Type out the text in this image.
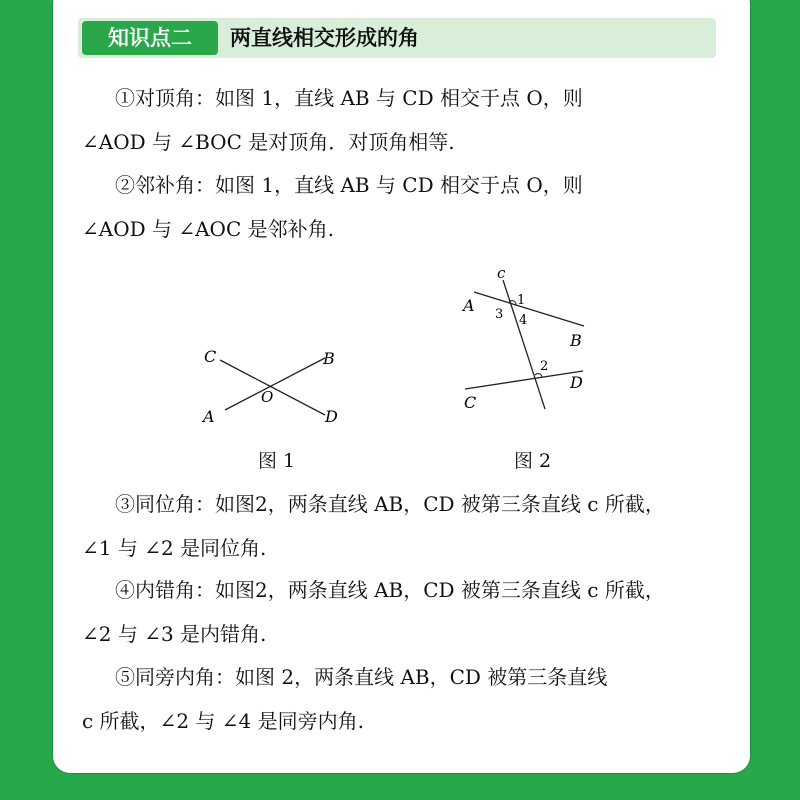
知识点二	两直线相交形成的角
①对顶角：如图 1，直线 AB 与 CD 相交于点 O，则
∠AOD 与 ∠BOC 是对顶角．对顶角相等.
②邻补角：如图 1，直线 AB 与 CD 相交于点 O，则
∠AOD 与 ∠AOC 是邻补角.
C	B
A	D
O
图 1
c
A
B
C
D
1
3 4
2
图 2
③同位角：如图2，两条直线 AB，CD 被第三条直线 c 所截，
∠1 与 ∠2 是同位角.
④内错角：如图2，两条直线 AB，CD 被第三条直线 c 所截，
∠2 与 ∠3 是内错角.
⑤同旁内角：如图 2，两条直线 AB，CD 被第三条直线
c 所截，∠2 与 ∠4 是同旁内角.
